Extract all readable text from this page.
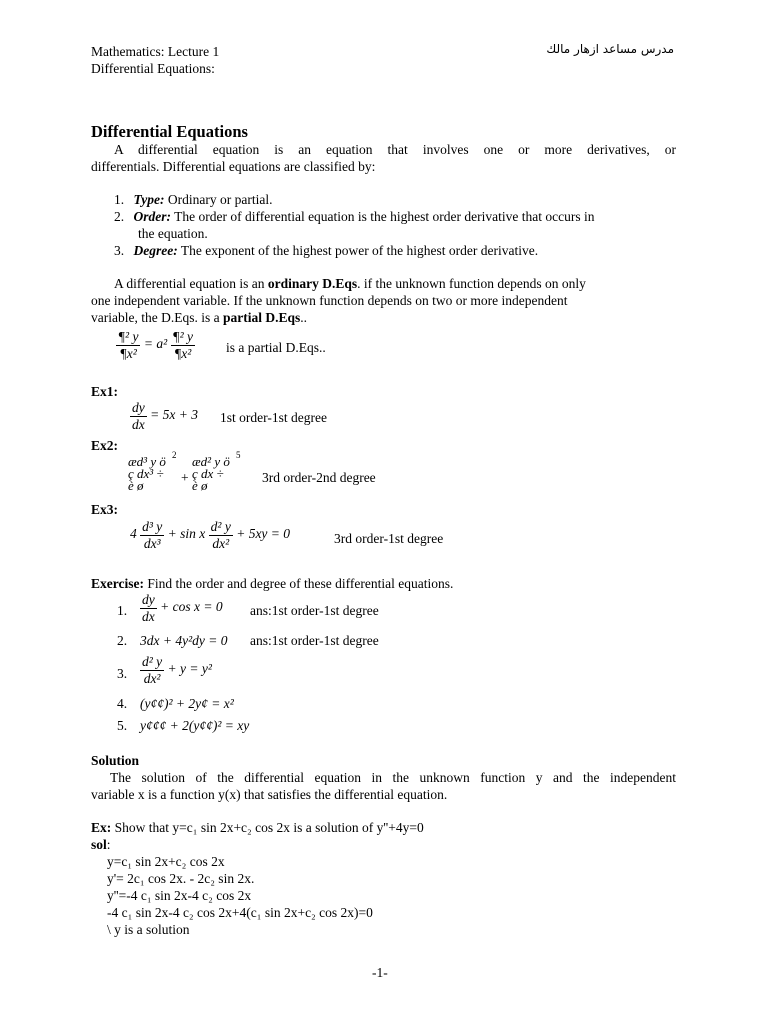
Mathematics: Lecture 1
Differential Equations:
مدرس مساعد ازهار مالك
Differential Equations
A differential equation is an equation that involves one or more derivatives, or
differentials. Differential equations are classified by:
1. Type: Ordinary or partial.
2. Order: The order of differential equation is the highest order derivative that occurs in
the equation.
3. Degree: The exponent of the highest power of the highest order derivative.
A differential equation is an ordinary D.Eqs. if the unknown function depends on only
one independent variable. If the unknown function depends on two or more independent
variable, the D.Eqs. is a partial D.Eqs..
$\frac{\text{¶² y}}{\text{¶x²}} = a^2 \frac{\text{¶² y}}{\text{¶x²}}$ is a partial D.Eqs..
Ex1:
$\frac{dy}{dx} = 5x + 3$ 1st order-1st degree
Ex2:
æd³ y ö
ç dx³ ÷
è ø
2
+
æd² y ö
ç dx ÷
è ø
5
3rd order-2nd degree
Ex3:
$4 \frac{\text{d³ y}}{\text{dx³}} + \sin x \frac{\text{d² y}}{\text{dx²}} + 5xy = 0$	3rd order-1st degree
Exercise: Find the order and degree of these differential equations.
1. $\frac{dy}{dx} + \cos x = 0$ ans:1st order-1st degree
2. 3dx + 4y²dy = 0 ans:1st order-1st degree
3. $\frac{\text{d² y}}{\text{dx²}} + y = y^2$
4. (y¢¢)² + 2y¢ = x²
5. y¢¢¢ + 2(y¢¢)² = xy
Solution
The solution of the differential equation in the unknown function y and the independent
variable x is a function y(x) that satisfies the differential equation.
Ex: Show that y=c₁ sin 2x+c₂ cos 2x is a solution of y''+4y=0
sol:
y=c₁ sin 2x+c₂ cos 2x
y'= 2c₁ cos 2x. - 2c₂ sin 2x.
y''=-4 c₁ sin 2x-4 c₂ cos 2x
-4 c₁ sin 2x-4 c₂ cos 2x+4(c₁ sin 2x+c₂ cos 2x)=0
\ y is a solution
-1-
